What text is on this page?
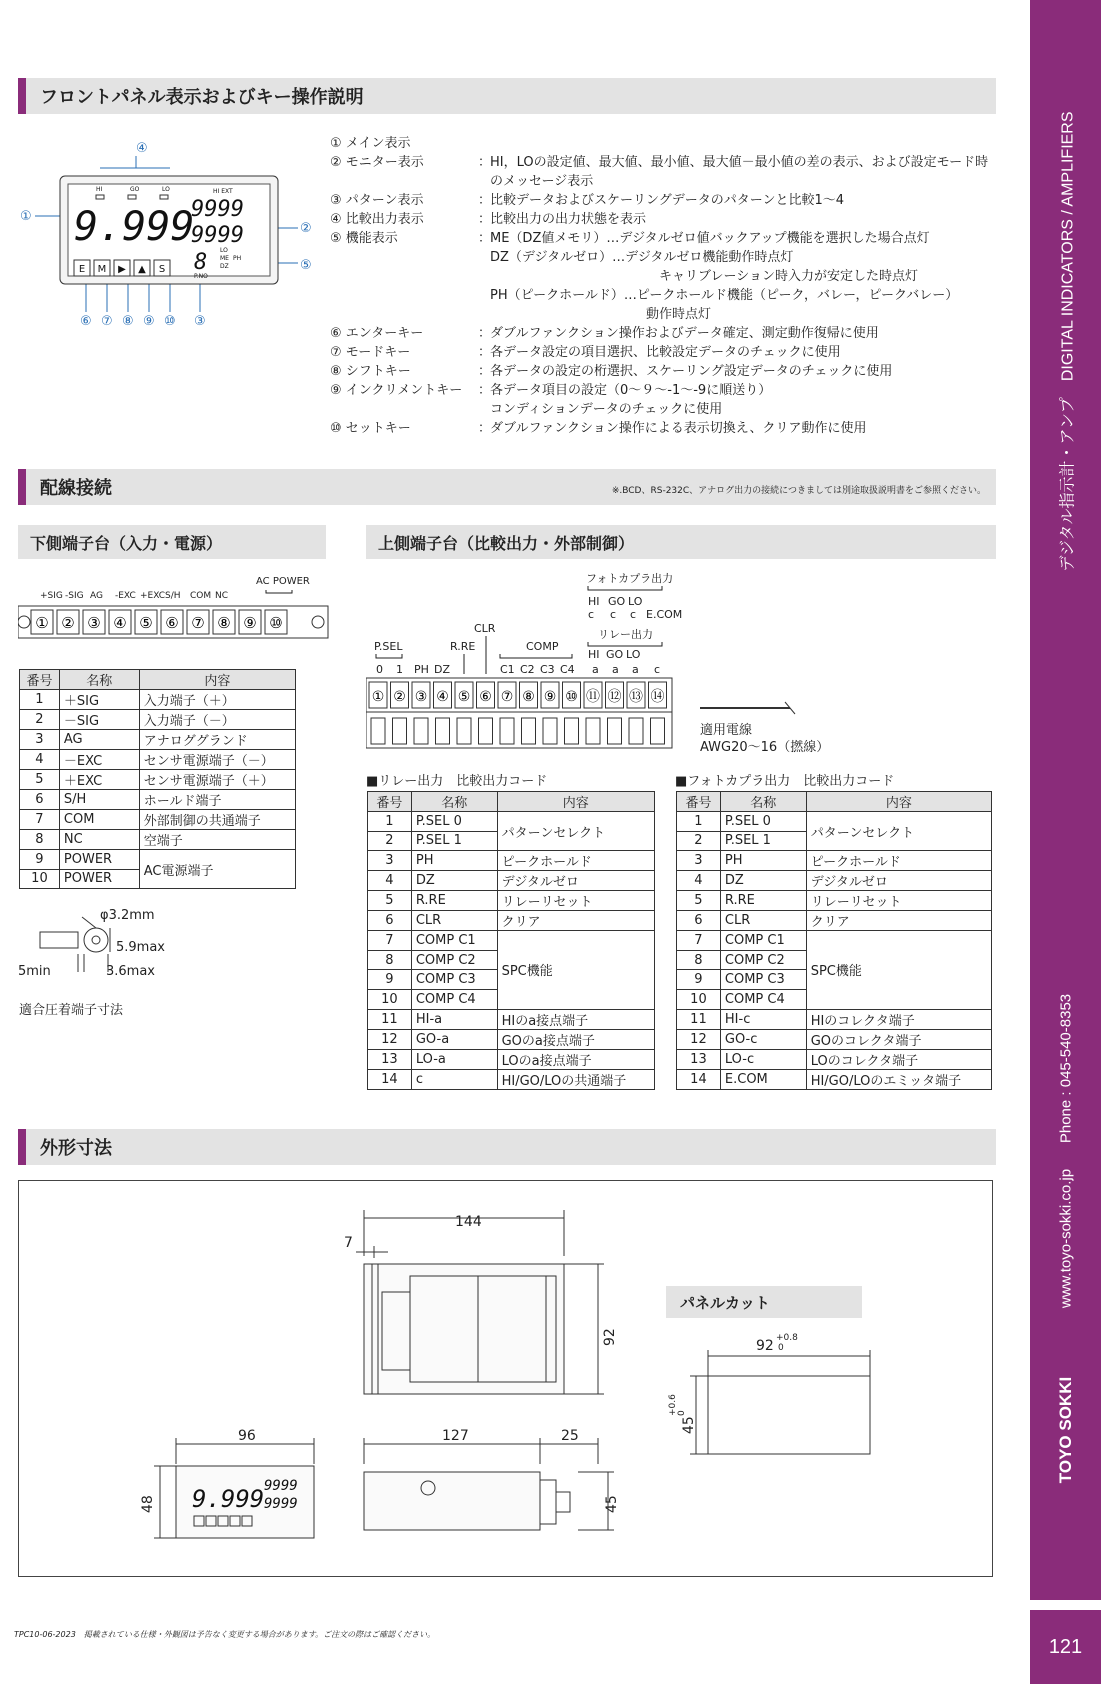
デジタル指示計・アンプ　DIGITAL INDICATORS / AMPLIFIERS
Phone : 045-540-8353
www.toyo-sokki.co.jp
TOYO SOKKI
121
フロントパネル表示およびキー操作説明
④
①
②
⑤
⑥ ⑦ ⑧ ⑨ ⑩ ③
9.999
9999
9999
8
HI	GO	LO	HI EXT
LO
ME PH
DZ
P.NO
E M ▶ ▲ S
① メイン表示
② モニター表示	：
HI，LOの設定値、最大値、最小値、最大値－最小値の差の表示、および設定モード時のメッセージ表示
③ パターン表示	：
比較データおよびスケーリングデータのパターンと比較1～4
④ 比較出力表示	：
比較出力の出力状態を表示
⑤ 機能表示	：
ME（DZ値メモリ）…デジタルゼロ値バックアップ機能を選択した場合点灯
DZ（デジタルゼロ）…デジタルゼロ機能動作時点灯
　　　　　　　　　　　　　キャリブレーション時入力が安定した時点灯
PH（ピークホールド）…ピークホールド機能（ピーク，バレー，ピークバレー）
　　　　　　　　　　　　動作時点灯
⑥ エンターキー	：
ダブルファンクション操作およびデータ確定、測定動作復帰に使用
⑦ モードキー	：
各データ設定の項目選択、比較設定データのチェックに使用
⑧ シフトキー	：
各データの設定の桁選択、スケーリング設定データのチェックに使用
⑨ インクリメントキー	：
各データ項目の設定（0～９～-1～-9に順送り）
コンディションデータのチェックに使用
⑩ セットキー	：
ダブルファンクション操作による表示切換え、クリア動作に使用
配線接続	※.BCD、RS-232C、アナログ出力の接続につきましては別途取扱説明書をご参照ください。
下側端子台（入力・電源）	上側端子台（比較出力・外部制御）
+SIG -SIG AG -EXC +EXC S/H COM NC
AC POWER
① ② ③ ④ ⑤ ⑥ ⑦ ⑧ ⑨ ⑩
番号	名称	内容
1	＋SIG	入力端子（＋）
2	－SIG	入力端子（－）
3	AG	アナロググランド
4	－EXC	センサ電源端子（－）
5	＋EXC	センサ電源端子（＋）
6	S/H	ホールド端子
7	COM	外部制御の共通端子
8	NC	空端子
9	POWER	AC電源端子
10	POWER	
φ3.2mm
5.9max
5min	3.6max
適合圧着端子寸法
フォトカプラ出力
HI GO LO
c c c E.COM
CLR	リレー出力
P.SEL	R.RE	COMP
HI GO LO
0 1 PH DZ	C1 C2 C3 C4 a a a c
① ② ③ ④ ⑤ ⑥ ⑦ ⑧ ⑨ ⑩ ⑪ ⑫ ⑬ ⑭
適用電線
AWG20～16（撚線）
■リレー出力　比較出力コード
番号	名称	内容
1	P.SEL 0	パターンセレクト
2	P.SEL 1	
3	PH	ピークホールド
4	DZ	デジタルゼロ
5	R.RE	リレーリセット
6	CLR	クリア
7	COMP C1	SPC機能
8	COMP C2	
9	COMP C3	
10	COMP C4	
11	HI-a	HIのa接点端子
12	GO-a	GOのa接点端子
13	LO-a	LOのa接点端子
14	c	HI/GO/LOの共通端子
■フォトカプラ出力　比較出力コード
番号	名称	内容
1	P.SEL 0	パターンセレクト
2	P.SEL 1	
3	PH	ピークホールド
4	DZ	デジタルゼロ
5	R.RE	リレーリセット
6	CLR	クリア
7	COMP C1	SPC機能
8	COMP C2	
9	COMP C3	
10	COMP C4	
11	HI-c	HIのコレクタ端子
12	GO-c	GOのコレクタ端子
13	LO-c	LOのコレクタ端子
14	E.COM	HI/GO/LOのエミッタ端子
外形寸法
144
7
92
96
48
127	25
45
9.999 9999
9999
パネルカット
92 +0.8
0
45
+0.6 0
TPC10-06-2023　掲載されている仕様・外観図は予告なく変更する場合があります。ご注文の際はご確認ください。
